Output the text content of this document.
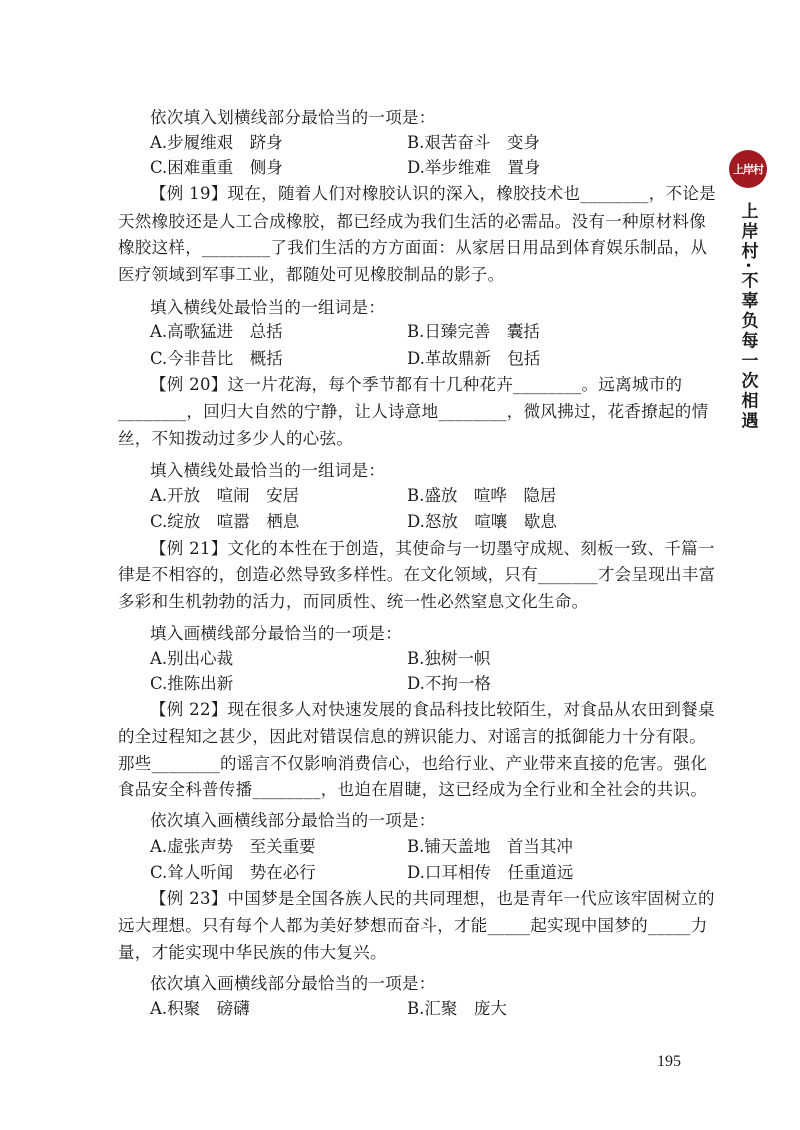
依次填入划横线部分最恰当的一项是：
A.步履维艰　跻身	B.艰苦奋斗　变身
C.困难重重　侧身	D.举步维难　置身
【例 19】现在，随着人们对橡胶认识的深入，橡胶技术也________，不论是
天然橡胶还是人工合成橡胶，都已经成为我们生活的必需品。没有一种原材料像
橡胶这样，________了我们生活的方方面面：从家居日用品到体育娱乐制品，从
医疗领域到军事工业，都随处可见橡胶制品的影子。
填入横线处最恰当的一组词是：
A.高歌猛进　总括	B.日臻完善　囊括
C.今非昔比　概括	D.革故鼎新　包括
【例 20】这一片花海，每个季节都有十几种花卉________。远离城市的
________，回归大自然的宁静，让人诗意地________，微风拂过，花香撩起的情
丝，不知拨动过多少人的心弦。
填入横线处最恰当的一组词是：
A.开放　喧闹　安居	B.盛放　喧哗　隐居
C.绽放　喧嚣　栖息	D.怒放　喧嚷　歇息
【例 21】文化的本性在于创造，其使命与一切墨守成规、刻板一致、千篇一
律是不相容的，创造必然导致多样性。在文化领域，只有_______才会呈现出丰富
多彩和生机勃勃的活力，而同质性、统一性必然窒息文化生命。
填入画横线部分最恰当的一项是：
A.别出心裁	B.独树一帜
C.推陈出新	D.不拘一格
【例 22】现在很多人对快速发展的食品科技比较陌生，对食品从农田到餐桌
的全过程知之甚少，因此对错误信息的辨识能力、对谣言的抵御能力十分有限。
那些________的谣言不仅影响消费信心，也给行业、产业带来直接的危害。强化
食品安全科普传播________，也迫在眉睫，这已经成为全行业和全社会的共识。
依次填入画横线部分最恰当的一项是：
A.虚张声势　至关重要	B.铺天盖地　首当其冲
C.耸人听闻　势在必行	D.口耳相传　任重道远
【例 23】中国梦是全国各族人民的共同理想，也是青年一代应该牢固树立的
远大理想。只有每个人都为美好梦想而奋斗，才能_____起实现中国梦的_____力
量，才能实现中华民族的伟大复兴。
依次填入画横线部分最恰当的一项是：
A.积聚　磅礴	B.汇聚　庞大
上岸村
上岸村·不辜负每一次相遇
195
